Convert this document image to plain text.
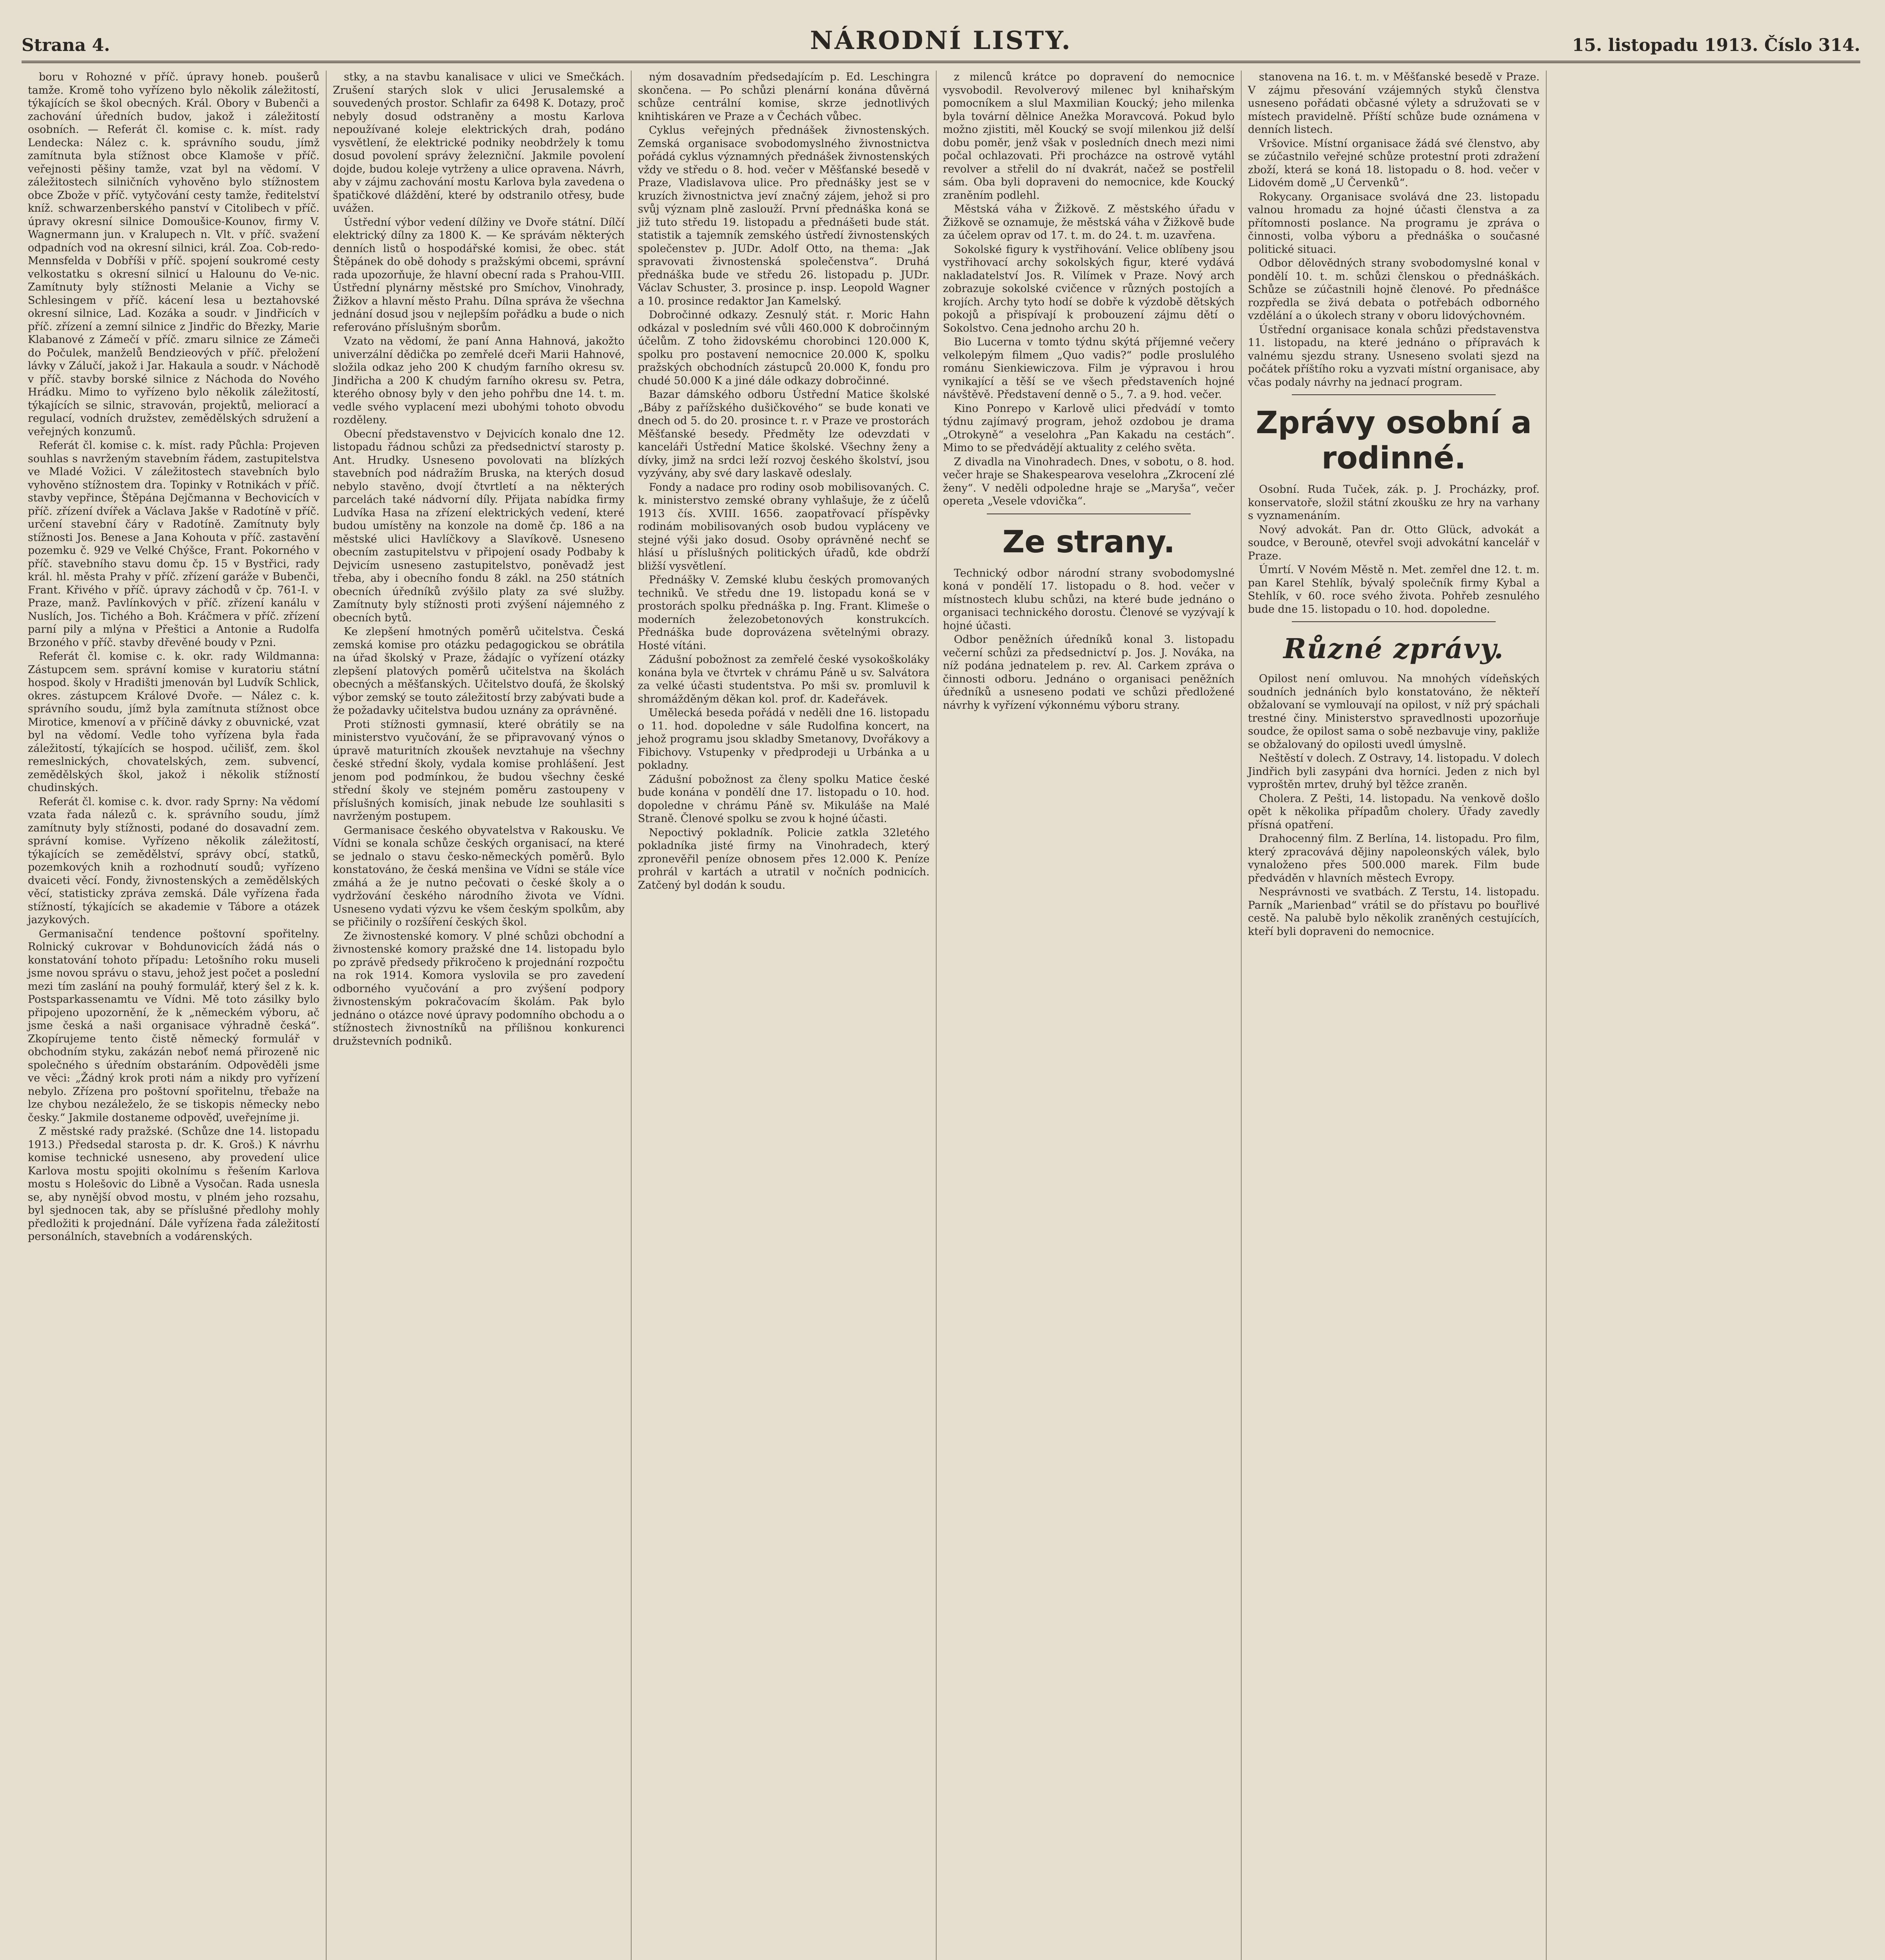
Strana 4.	NÁRODNÍ LISTY.	15. listopadu 1913. Číslo 314.

boru v Rohozné v příč. úpravy honeb. poušerů tamže. Kromě toho vyřízeno bylo několik záležitostí, týkajících se škol obecných. Král. Obory v Bubenči a zachování úředních budov, jakož i záležitostí osobních. — Referát čl. komise c. k. míst. rady Lendecka: Nález c. k. správního soudu, jímž zamítnuta byla stížnost obce Klamoše v příč. veřejnosti pěšiny tamže, vzat byl na vědomí. V záležitostech silničních vyhověno bylo stížnostem obce Zbože v příč. vytyčování cesty tamže, ředitelství kníž. schwarzenberského panství v Citolibech v příč. úpravy okresní silnice Domoušice-Kounov, firmy V. Wagnermann jun. v Kralupech n. Vlt. v příč. svažení odpadních vod na okresní silnici, král. Zoa. Cob-redo-Mennsfelda v Dobříši v příč. spojení soukromé cesty velkostatku s okresní silnicí u Halounu do Ve-nic. Zamítnuty byly stížnosti Melanie a Vichy se Schlesingem v příč. kácení lesa u beztahovské okresní silnice, Lad. Kozáka a soudr. v Jindřicích v příč. zřízení a zemní silnice z Jindřic do Březky, Marie Klabanové z Zámečí v příč. zmaru silnice ze Zámeči do Počulek, manželů Bendzieových v příč. přeložení lávky v Zálučí, jakož i Jar. Hakaula a soudr. v Náchodě v příč. stavby borské silnice z Náchoda do Nového Hrádku. Mimo to vyřízeno bylo několik záležitostí, týkajících se silnic, stravován, projektů, meliorací a regulací, vodních družstev, zemědělských sdružení a veřejných konzumů.

Referát čl. komise c. k. míst. rady Půchla: Projeven souhlas s navrženým stavebním řádem, zastupitelstva ve Mladé Vožici. V záležitostech stavebních bylo vyhověno stížnostem dra. Topinky v Rotnikách v příč. stavby vepřince, Štěpána Dejčmanna v Bechovicích v příč. zřízení dvířek a Václava Jakše v Radotíně v příč. určení stavební čáry v Radotíně. Zamítnuty byly stížnosti Jos. Benese a Jana Kohouta v příč. zastavění pozemku č. 929 ve Velké Chýšce, Frant. Pokorného v příč. stavebního stavu domu čp. 15 v Bystřici, rady král. hl. města Prahy v příč. zřízení garáže v Bubenči, Frant. Křivého v příč. úpravy záchodů v čp. 761-I. v Praze, manž. Pavlínkových v příč. zřízení kanálu v Nuslích, Jos. Tichého a Boh. Kráčmera v příč. zřízení parní pily a mlýna v Přeštici a Antonie a Rudolfa Brzoného v příč. stavby dřevěné boudy v Pzni.

Referát čl. komise c. k. okr. rady Wildmanna: Zástupcem sem. správní komise v kuratoriu státní hospod. školy v Hradišti jmenován byl Ludvík Schlick, okres. zástupcem Králové Dvoře. — Nález c. k. správního soudu, jímž byla zamítnuta stížnost obce Mirotice, kmenoví a v příčině dávky z obuvnické, vzat byl na vědomí. Vedle toho vyřízena byla řada záležitostí, týkajících se hospod. učilišť, zem. škol remeslnických, chovatelských, zem. subvencí, zemědělských škol, jakož i několik stížností chudinských.

Referát čl. komise c. k. dvor. rady Sprny: Na vědomí vzata řada nálezů c. k. správního soudu, jímž zamítnuty byly stížnosti, podané do dosavadní zem. správní komise. Vyřízeno několik záležitostí, týkajících se zemědělství, správy obcí, statků, pozemkových knih a rozhodnutí soudů; vyřízeno dvaiceti věcí. Fondy, živnostenských a zemědělských věcí, statisticky zpráva zemská. Dále vyřízena řada stížností, týkajících se akademie v Tábore a otázek jazykových.

Germanisační tendence poštovní spořitelny. Rolnický cukrovar v Bohdunovicích žádá nás o konstatování tohoto případu: Letošního roku museli jsme novou správu o stavu, jehož jest počet a poslední mezi tím zaslání na pouhý formulář, který šel z k. k. Postsparkassenamtu ve Vídni. Mě toto zásilky bylo připojeno upozornění, že k „německém výboru, ač jsme česká a naši organisace výhradně česká“. Zkopírujeme tento čistě německý formulář v obchodním styku, zakázán neboť nemá přirozeně nic společného s úředním obstaráním. Odpověděli jsme ve věci: „Žádný krok proti nám a nikdy pro vyřízení nebylo. Zřízena pro poštovní spořitelnu, třebaže na lze chybou nezáleželo, že se tiskopis německy nebo česky.“ Jakmile dostaneme odpověď, uveřejníme ji.

Z městské rady pražské. (Schůze dne 14. listopadu 1913.) Předsedal starosta p. dr. K. Groš.) K návrhu komise technické usneseno, aby provedení ulice Karlova mostu spojiti okolnímu s řešením Karlova mostu s Holešovic do Libně a Vysočan. Rada usnesla se, aby nynější obvod mostu, v plném jeho rozsahu, byl sjednocen tak, aby se příslušné předlohy mohly předložiti k projednání. Dále vyřízena řada záležitostí personálních, stavebních a vodárenských.

stky, a na stavbu kanalisace v ulici ve Smečkách. Zrušení starých slok v ulici Jerusalemské a souvedených prostor. Schlafir za 6498 K. Dotazy, proč nebyly dosud odstraněny a mostu Karlova nepoužívané koleje elektrických drah, podáno vysvětlení, že elektrické podniky neobdržely k tomu dosud povolení správy železniční. Jakmile povolení dojde, budou koleje vytrženy a ulice opravena. Návrh, aby v zájmu zachování mostu Karlova byla zavedena o špatičkové dláždění, které by odstranilo otřesy, bude uvážen.

Ústřední výbor vedení dílžiny ve Dvoře státní. Dílčí elektrický dílny za 1800 K. — Ke správám některých denních listů o hospodářské komisi, že obec. stát Štěpánek do obě dohody s pražskými obcemi, správní rada upozorňuje, že hlavní obecní rada s Prahou-VIII. Ústřední plynárny městské pro Smíchov, Vinohrady, Žižkov a hlavní město Prahu. Dílna správa že všechna jednání dosud jsou v nejlepším pořádku a bude o nich referováno příslušným sborům.

Vzato na vědomí, že paní Anna Hahnová, jakožto univerzální dědička po zemřelé dceři Marii Hahnové, složila odkaz jeho 200 K chudým farního okresu sv. Jindřicha a 200 K chudým farního okresu sv. Petra, kterého obnosy byly v den jeho pohřbu dne 14. t. m. vedle svého vyplacení mezi ubohými tohoto obvodu rozděleny.

Obecní představenstvo v Dejvicích konalo dne 12. listopadu řádnou schůzi za předsednictví starosty p. Ant. Hrudky. Usneseno povolovati na blízkých stavebních pod nádražím Bruska, na kterých dosud nebylo stavěno, dvojí čtvrtletí a na některých parcelách také nádvorní díly. Přijata nabídka firmy Ludvíka Hasa na zřízení elektrických vedení, které budou umístěny na konzole na domě čp. 186 a na městské ulici Havlíčkovy a Slavíkově. Usneseno obecním zastupitelstvu v připojení osady Podbaby k Dejvicím usneseno zastupitelstvo, poněvadž jest třeba, aby i obecního fondu 8 zákl. na 250 státních obecních úředníků zvýšilo platy za své služby. Zamítnuty byly stížnosti proti zvýšení nájemného z obecních bytů.

Ke zlepšení hmotných poměrů učitelstva. Česká zemská komise pro otázku pedagogickou se obrátila na úřad školský v Praze, žádajíc o vyřízení otázky zlepšení platových poměrů učitelstva na školách obecných a měšťanských. Učitelstvo doufá, že školský výbor zemský se touto záležitostí brzy zabývati bude a že požadavky učitelstva budou uznány za oprávněné.

Proti stížnosti gymnasií, které obrátily se na ministerstvo vyučování, že se připravovaný výnos o úpravě maturitních zkoušek nevztahuje na všechny české střední školy, vydala komise prohlášení. Jest jenom pod podmínkou, že budou všechny české střední školy ve stejném poměru zastoupeny v příslušných komisích, jinak nebude lze souhlasiti s navrženým postupem.

Germanisace českého obyvatelstva v Rakousku. Ve Vídni se konala schůze českých organisací, na které se jednalo o stavu česko-německých poměrů. Bylo konstatováno, že česká menšina ve Vídni se stále více zmáhá a že je nutno pečovati o české školy a o vydržování českého národního života ve Vídni. Usneseno vydati výzvu ke všem českým spolkům, aby se přičinily o rozšíření českých škol.

Ze živnostenské komory. V plné schůzi obchodní a živnostenské komory pražské dne 14. listopadu bylo po zprávě předsedy přikročeno k projednání rozpočtu na rok 1914. Komora vyslovila se pro zavedení odborného vyučování a pro zvýšení podpory živnostenským pokračovacím školám. Pak bylo jednáno o otázce nové úpravy podomního obchodu a o stížnostech živnostníků na přílišnou konkurenci družstevních podniků.

ným dosavadním předsedajícím p. Ed. Leschingra skončena. — Po schůzi plenární konána důvěrná schůze centrální komise, skrze jednotlivých knihtiskáren ve Praze a v Čechách vůbec.

Cyklus veřejných přednášek živnostenských. Zemská organisace svobodomyslného živnostnictva pořádá cyklus významných přednášek živnostenských vždy ve středu o 8. hod. večer v Měšťanské besedě v Praze, Vladislavova ulice. Pro přednášky jest se v kruzích živnostnictva jeví značný zájem, jehož si pro svůj význam plně zaslouží. První přednáška koná se již tuto středu 19. listopadu a přednášeti bude stát. statistik a tajemník zemského ústředí živnostenských společenstev p. JUDr. Adolf Otto, na thema: „Jak spravovati živnostenská společenstva“. Druhá přednáška bude ve středu 26. listopadu p. JUDr. Václav Schuster, 3. prosince p. insp. Leopold Wagner a 10. prosince redaktor Jan Kamelský.

Dobročinné odkazy. Zesnulý stát. r. Moric Hahn odkázal v posledním své vůli 460.000 K dobročinným účelům. Z toho židovskému chorobinci 120.000 K, spolku pro postavení nemocnice 20.000 K, spolku pražských obchodních zástupců 20.000 K, fondu pro chudé 50.000 K a jiné dále odkazy dobročinné.

Bazar dámského odboru Ústřední Matice školské „Báby z pařížského dušičkového“ se bude konati ve dnech od 5. do 20. prosince t. r. v Praze ve prostorách Měšťanské besedy. Předměty lze odevzdati v kanceláři Ústřední Matice školské. Všechny ženy a dívky, jimž na srdci leží rozvoj českého školství, jsou vyzývány, aby své dary laskavě odeslaly.

Fondy a nadace pro rodiny osob mobilisovaných. C. k. ministerstvo zemské obrany vyhlašuje, že z účelů 1913 čís. XVIII. 1656. zaopatřovací příspěvky rodinám mobilisovaných osob budou vypláceny ve stejné výši jako dosud. Osoby oprávněné nechť se hlásí u příslušných politických úřadů, kde obdrží bližší vysvětlení.

Přednášky V. Zemské klubu českých promovaných techniků. Ve středu dne 19. listopadu koná se v prostorách spolku přednáška p. Ing. Frant. Klimeše o moderních železobetonových konstrukcích. Přednáška bude doprovázena světelnými obrazy. Hosté vítáni.

Zádušní pobožnost za zemřelé české vysokoškoláky konána byla ve čtvrtek v chrámu Páně u sv. Salvátora za velké účasti studentstva. Po mši sv. promluvil k shromážděným děkan kol. prof. dr. Kadeřávek.

Umělecká beseda pořádá v neděli dne 16. listopadu o 11. hod. dopoledne v sále Rudolfina koncert, na jehož programu jsou skladby Smetanovy, Dvořákovy a Fibichovy. Vstupenky v předprodeji u Urbánka a u pokladny.

Zádušní pobožnost za členy spolku Matice české bude konána v pondělí dne 17. listopadu o 10. hod. dopoledne v chrámu Páně sv. Mikuláše na Malé Straně. Členové spolku se zvou k hojné účasti.

Nepoctivý pokladník. Policie zatkla 32letého pokladníka jisté firmy na Vinohradech, který zpronevěřil peníze obnosem přes 12.000 K. Peníze prohrál v kartách a utratil v nočních podnicích. Zatčený byl dodán k soudu.

z milenců krátce po dopravení do nemocnice vysvobodil. Revolverový milenec byl knihařským pomocníkem a slul Maxmilian Koucký; jeho milenka byla tovární dělnice Anežka Moravcová. Pokud bylo možno zjistiti, měl Koucký se svojí milenkou již delší dobu poměr, jenž však v posledních dnech mezi nimi počal ochlazovati. Při procházce na ostrově vytáhl revolver a střelil do ní dvakrát, načež se postřelil sám. Oba byli dopraveni do nemocnice, kde Koucký zraněním podlehl.

Městská váha v Žižkově. Z městského úřadu v Žižkově se oznamuje, že městská váha v Žižkově bude za účelem oprav od 17. t. m. do 24. t. m. uzavřena.

Sokolské figury k vystřihování. Velice oblíbeny jsou vystřihovací archy sokolských figur, které vydává nakladatelství Jos. R. Vilímek v Praze. Nový arch zobrazuje sokolské cvičence v různých postojích a krojích. Archy tyto hodí se dobře k výzdobě dětských pokojů a přispívají k probouzení zájmu dětí o Sokolstvo. Cena jednoho archu 20 h.

Bio Lucerna v tomto týdnu skýtá příjemné večery velkolepým filmem „Quo vadis?“ podle proslulého románu Sienkiewiczova. Film je výpravou i hrou vynikající a těší se ve všech představeních hojné návštěvě. Představení denně o 5., 7. a 9. hod. večer.

Kino Ponrepo v Karlově ulici předvádí v tomto týdnu zajímavý program, jehož ozdobou je drama „Otrokyně“ a veselohra „Pan Kakadu na cestách“. Mimo to se předvádějí aktuality z celého světa.

Z divadla na Vinohradech. Dnes, v sobotu, o 8. hod. večer hraje se Shakespearova veselohra „Zkrocení zlé ženy“. V neděli odpoledne hraje se „Maryša“, večer opereta „Vesele vdovička“.

Ze strany.

Technický odbor národní strany svobodomyslné koná v pondělí 17. listopadu o 8. hod. večer v místnostech klubu schůzi, na které bude jednáno o organisaci technického dorostu. Členové se vyzývají k hojné účasti.

Odbor peněžních úředníků konal 3. listopadu večerní schůzi za předsednictví p. Jos. J. Nováka, na níž podána jednatelem p. rev. Al. Carkem zpráva o činnosti odboru. Jednáno o organisaci peněžních úředníků a usneseno podati ve schůzi předložené návrhy k vyřízení výkonnému výboru strany.

stanovena na 16. t. m. v Měšťanské besedě v Praze. V zájmu přesování vzájemných styků členstva usneseno pořádati občasné výlety a sdružovati se v místech pravidelně. Příští schůze bude oznámena v denních listech.

Vršovice. Místní organisace žádá své členstvo, aby se zúčastnilo veřejné schůze protestní proti zdražení zboží, která se koná 18. listopadu o 8. hod. večer v Lidovém domě „U Červenků“.

Rokycany. Organisace svolává dne 23. listopadu valnou hromadu za hojné účasti členstva a za přítomnosti poslance. Na programu je zpráva o činnosti, volba výboru a přednáška o současné politické situaci.

Odbor dělovědných strany svobodomyslné konal v pondělí 10. t. m. schůzi členskou o přednáškách. Schůze se zúčastnili hojně členové. Po přednášce rozpředla se živá debata o potřebách odborného vzdělání a o úkolech strany v oboru lidovýchovném.

Ústřední organisace konala schůzi představenstva 11. listopadu, na které jednáno o přípravách k valnému sjezdu strany. Usneseno svolati sjezd na počátek příštího roku a vyzvati místní organisace, aby včas podaly návrhy na jednací program.

Zprávy osobní a rodinné.

Osobní. Ruda Tuček, zák. p. J. Procházky, prof. konservatoře, složil státní zkoušku ze hry na varhany s vyznamenáním.

Nový advokát. Pan dr. Otto Glück, advokát a soudce, v Berouně, otevřel svoji advokátní kancelář v Praze.

Úmrtí. V Novém Městě n. Met. zemřel dne 12. t. m. pan Karel Stehlík, bývalý společník firmy Kybal a Stehlík, v 60. roce svého života. Pohřeb zesnulého bude dne 15. listopadu o 10. hod. dopoledne.

Různé zprávy.

Opilost není omluvou. Na mnohých vídeňských soudních jednáních bylo konstatováno, že někteří obžalovaní se vymlouvají na opilost, v níž prý spáchali trestné činy. Ministerstvo spravedlnosti upozorňuje soudce, že opilost sama o sobě nezbavuje viny, pakliže se obžalovaný do opilosti uvedl úmyslně.

Neštěstí v dolech. Z Ostravy, 14. listopadu. V dolech Jindřich byli zasypáni dva horníci. Jeden z nich byl vyproštěn mrtev, druhý byl těžce zraněn.

Cholera. Z Pešti, 14. listopadu. Na venkově došlo opět k několika případům cholery. Úřady zavedly přísná opatření.

Drahocenný film. Z Berlína, 14. listopadu. Pro film, který zpracovává dějiny napoleonských válek, bylo vynaloženo přes 500.000 marek. Film bude předváděn v hlavních městech Evropy.

Nesprávnosti ve svatbách. Z Terstu, 14. listopadu. Parník „Marienbad“ vrátil se do přístavu po bouřlivé cestě. Na palubě bylo několik zraněných cestujících, kteří byli dopraveni do nemocnice.
